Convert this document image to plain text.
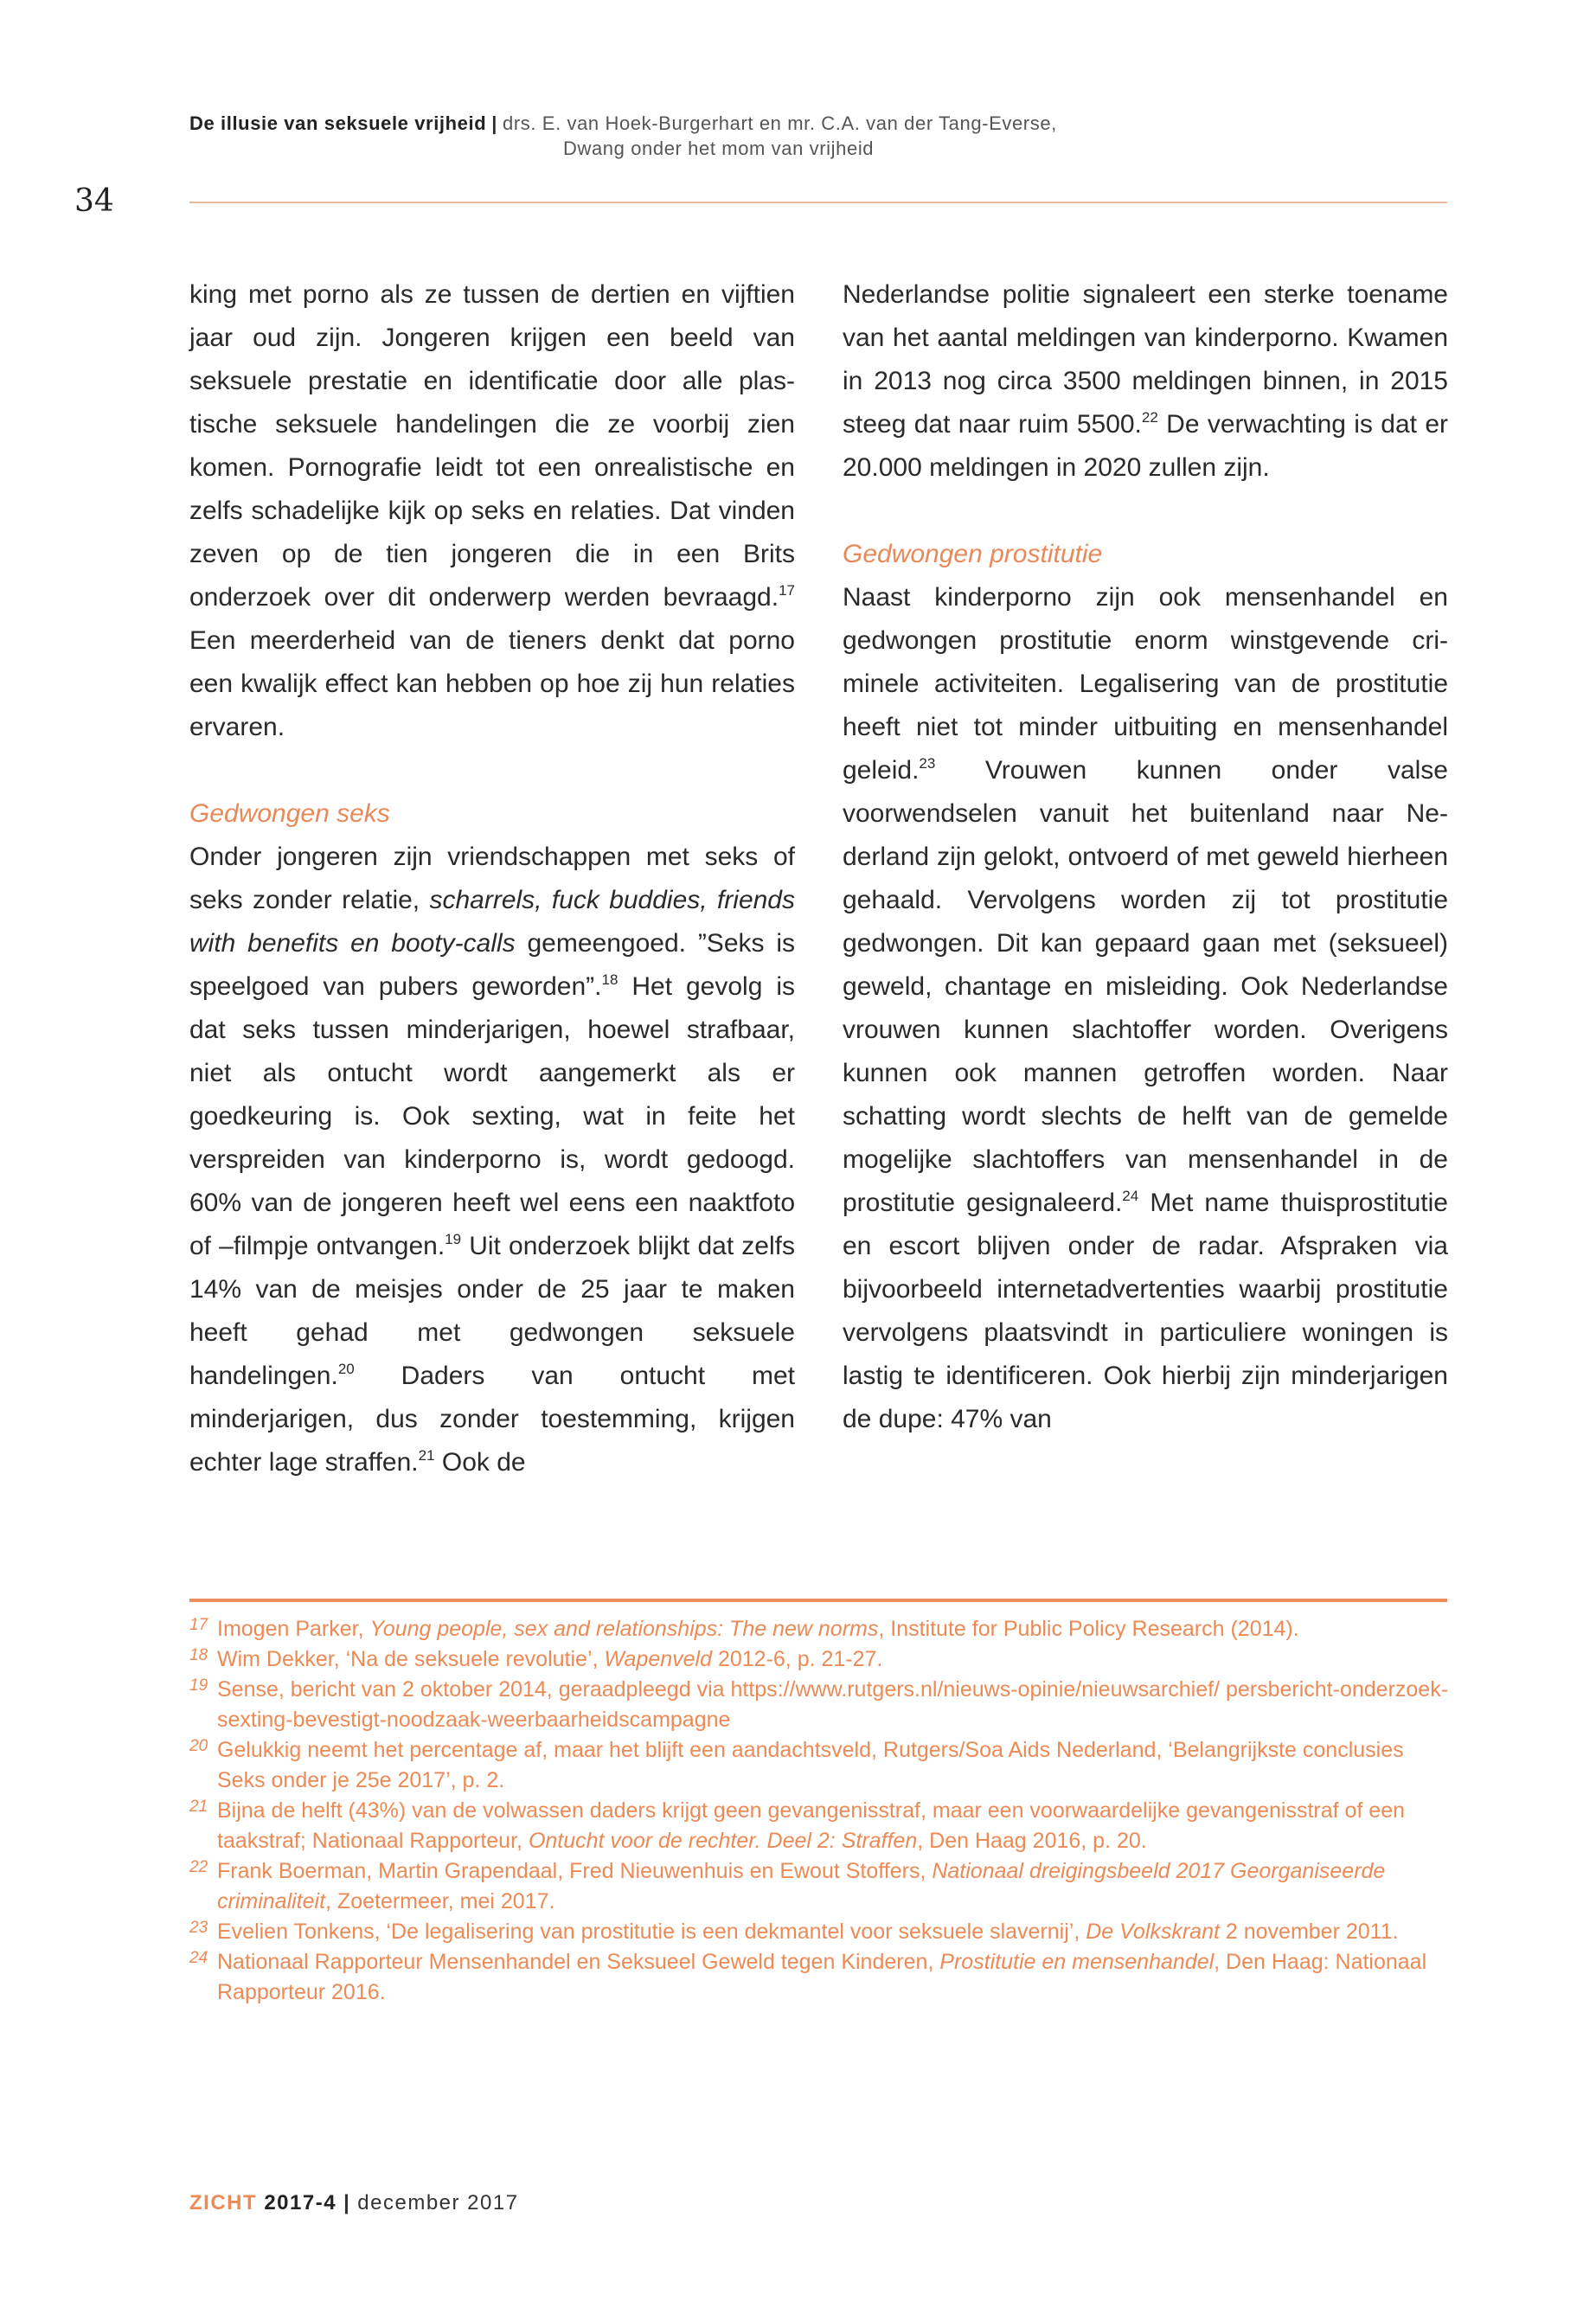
De illusie van seksuele vrijheid | drs. E. van Hoek-Burgerhart en mr. C.A. van der Tang-Everse,
Dwang onder het mom van vrijheid
34

king met porno als ze tussen de dertien en vijftien jaar oud zijn. Jongeren krijgen een beeld van seksuele prestatie en identificatie door alle plastische seksuele handelingen die ze voorbij zien komen. Pornografie leidt tot een onrealistische en zelfs schadelijke kijk op seks en relaties. Dat vinden zeven op de tien jongeren die in een Brits onderzoek over dit onderwerp werden bevraagd.$^{17}$ Een meerderheid van de tieners denkt dat porno een kwalijk effect kan hebben op hoe zij hun relaties ervaren.

Gedwongen seks

Onder jongeren zijn vriendschappen met seks of seks zonder relatie, scharrels, fuck buddies, friends with benefits en booty-calls gemeengoed. ”Seks is speelgoed van pubers geworden”.$^{18}$ Het gevolg is dat seks tussen minderjarigen, hoewel strafbaar, niet als ontucht wordt aangemerkt als er goedkeuring is. Ook sexting, wat in feite het verspreiden van kinderporno is, wordt gedoogd. 60% van de jongeren heeft wel eens een naaktfoto of –filmpje ontvangen.$^{19}$ Uit onderzoek blijkt dat zelfs 14% van de meisjes onder de 25 jaar te maken heeft gehad met gedwongen seksuele handelingen.$^{20}$ Daders van ontucht met minderjarigen, dus zonder toestemming, krijgen echter lage straffen.$^{21}$ Ook de

Nederlandse politie signaleert een sterke toename van het aantal meldingen van kinderporno. Kwamen in 2013 nog circa 3500 meldingen binnen, in 2015 steeg dat naar ruim 5500.22 De verwachting is dat er 20.000 meldingen in 2020 zullen zijn.

Gedwongen prostitutie

Naast kinderporno zijn ook mensenhandel en gedwongen prostitutie enorm winstgevende criminele activiteiten. Legalisering van de prostitutie heeft niet tot minder uitbuiting en mensenhandel geleid.$^{23}$ Vrouwen kunnen onder valse voorwendselen vanuit het buitenland naar Nederland zijn gelokt, ontvoerd of met geweld hierheen gehaald. Vervolgens worden zij tot prostitutie gedwongen. Dit kan gepaard gaan met (seksueel) geweld, chantage en misleiding. Ook Nederlandse vrouwen kunnen slachtoffer worden. Overigens kunnen ook mannen getroffen worden. Naar schatting wordt slechts de helft van de gemelde mogelijke slachtoffers van mensenhandel in de prostitutie gesignaleerd.$^{24}$ Met name thuisprostitutie en escort blijven onder de radar. Afspraken via bijvoorbeeld internetadvertenties waarbij prostitutie vervolgens plaatsvindt in particuliere woningen is lastig te identificeren. Ook hierbij zijn minderjarigen de dupe: 47% van

17 Imogen Parker, Young people, sex and relationships: The new norms, Institute for Public Policy Research (2014).
18 Wim Dekker, ‘Na de seksuele revolutie’, Wapenveld 2012-6, p. 21-27.
19 Sense, bericht van 2 oktober 2014, geraadpleegd via https://www.rutgers.nl/nieuws-opinie/nieuwsarchief/ persbericht-onderzoek-sexting-bevestigt-noodzaak-weerbaarheidscampagne
20 Gelukkig neemt het percentage af, maar het blijft een aandachtsveld, Rutgers/Soa Aids Nederland, ‘Belangrijkste conclusies Seks onder je 25e 2017’, p. 2.
21 Bijna de helft (43%) van de volwassen daders krijgt geen gevangenisstraf, maar een voorwaardelijke gevangenisstraf of een taakstraf; Nationaal Rapporteur, Ontucht voor de rechter. Deel 2: Straffen, Den Haag 2016, p. 20.
22 Frank Boerman, Martin Grapendaal, Fred Nieuwenhuis en Ewout Stoffers, Nationaal dreigingsbeeld 2017 Georganiseerde criminaliteit, Zoetermeer, mei 2017.
23 Evelien Tonkens, ‘De legalisering van prostitutie is een dekmantel voor seksuele slavernij’, De Volkskrant 2 november 2011.
24 Nationaal Rapporteur Mensenhandel en Seksueel Geweld tegen Kinderen, Prostitutie en mensenhandel, Den Haag: Nationaal Rapporteur 2016.
ZICHT 2017-4 | december 2017
